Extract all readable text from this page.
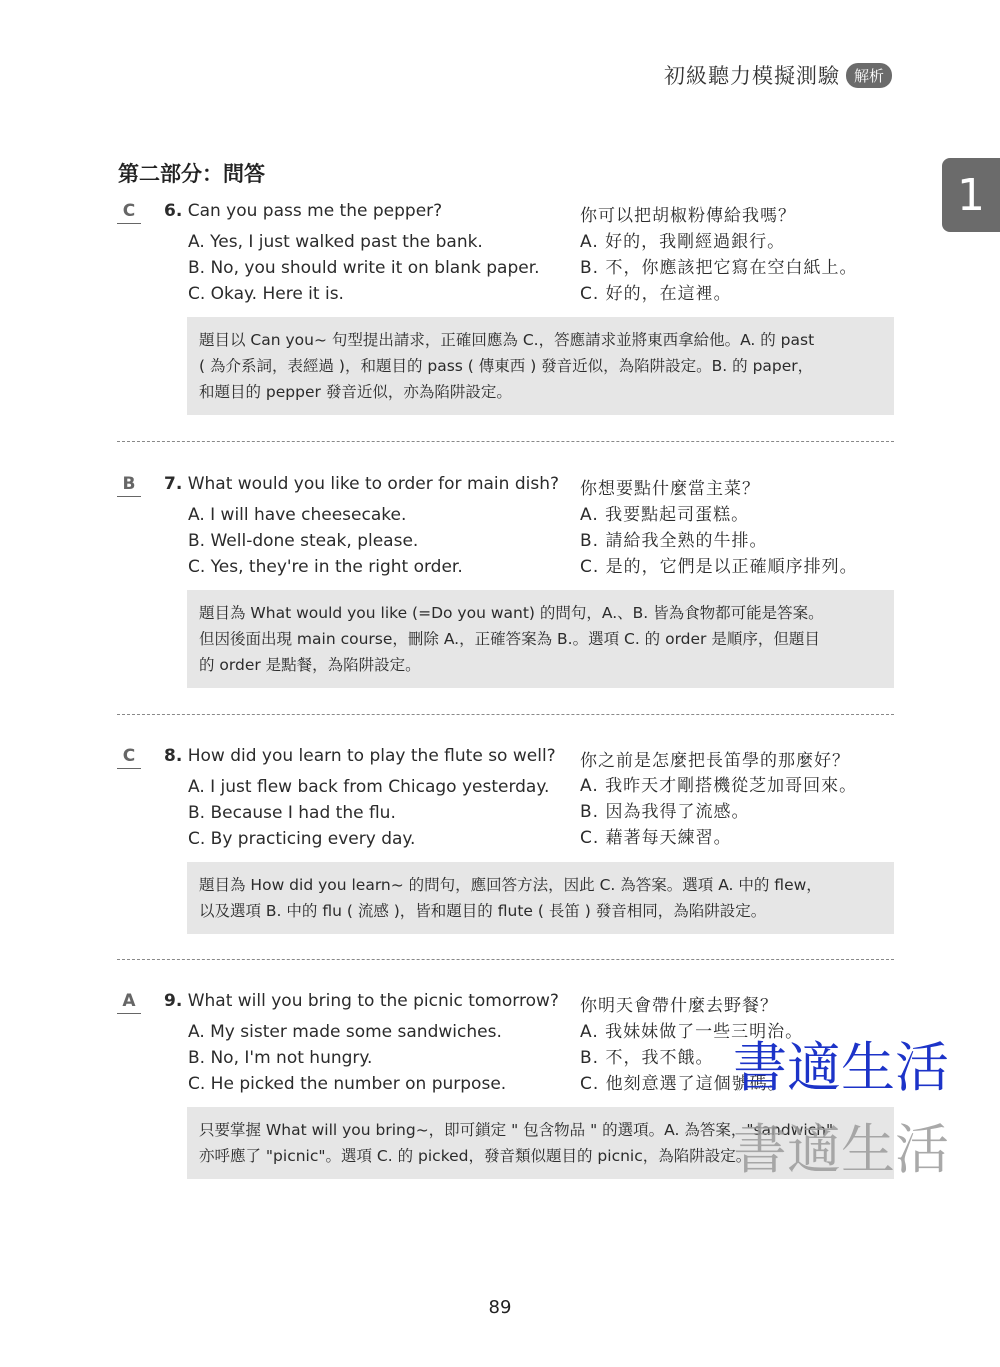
初級聽力模擬測驗 解析
1
第二部分：問答
C	6. Can you pass me the pepper?
A. Yes, I just walked past the bank.
B. No, you should write it on blank paper.
C. Okay. Here it is.
你可以把胡椒粉傳給我嗎？
A. 好的，我剛經過銀行。
B. 不，你應該把它寫在空白紙上。
C. 好的，在這裡。
題目以 Can you~ 句型提出請求，正確回應為 C.，答應請求並將東西拿給他。A. 的 past
( 為介系詞，表經過 )，和題目的 pass ( 傳東西 ) 發音近似，為陷阱設定。B. 的 paper，
和題目的 pepper 發音近似，亦為陷阱設定。
B	7. What would you like to order for main dish?
A. I will have cheesecake.
B. Well-done steak, please.
C. Yes, they're in the right order.
你想要點什麼當主菜？
A. 我要點起司蛋糕。
B. 請給我全熟的牛排。
C. 是的，它們是以正確順序排列。
題目為 What would you like (=Do you want) 的問句，A.、B. 皆為食物都可能是答案。
但因後面出現 main course，刪除 A.，正確答案為 B.。選項 C. 的 order 是順序，但題目
的 order 是點餐，為陷阱設定。
C	8. How did you learn to play the flute so well?
A. I just flew back from Chicago yesterday.
B. Because I had the flu.
C. By practicing every day.
你之前是怎麼把長笛學的那麼好？
A. 我昨天才剛搭機從芝加哥回來。
B. 因為我得了流感。
C. 藉著每天練習。
題目為 How did you learn~ 的問句，應回答方法，因此 C. 為答案。選項 A. 中的 flew，
以及選項 B. 中的 flu ( 流感 )，皆和題目的 flute ( 長笛 ) 發音相同，為陷阱設定。
A	9. What will you bring to the picnic tomorrow?
A. My sister made some sandwiches.
B. No, I'm not hungry.
C. He picked the number on purpose.
你明天會帶什麼去野餐？
A. 我妹妹做了一些三明治。
B. 不，我不餓。
C. 他刻意選了這個號碼。
只要掌握 What will you bring~，即可鎖定 " 包含物品 " 的選項。A. 為答案，"sandwich"
亦呼應了 "picnic"。選項 C. 的 picked，發音類似題目的 picnic，為陷阱設定。
書適生活
書適生活
89
